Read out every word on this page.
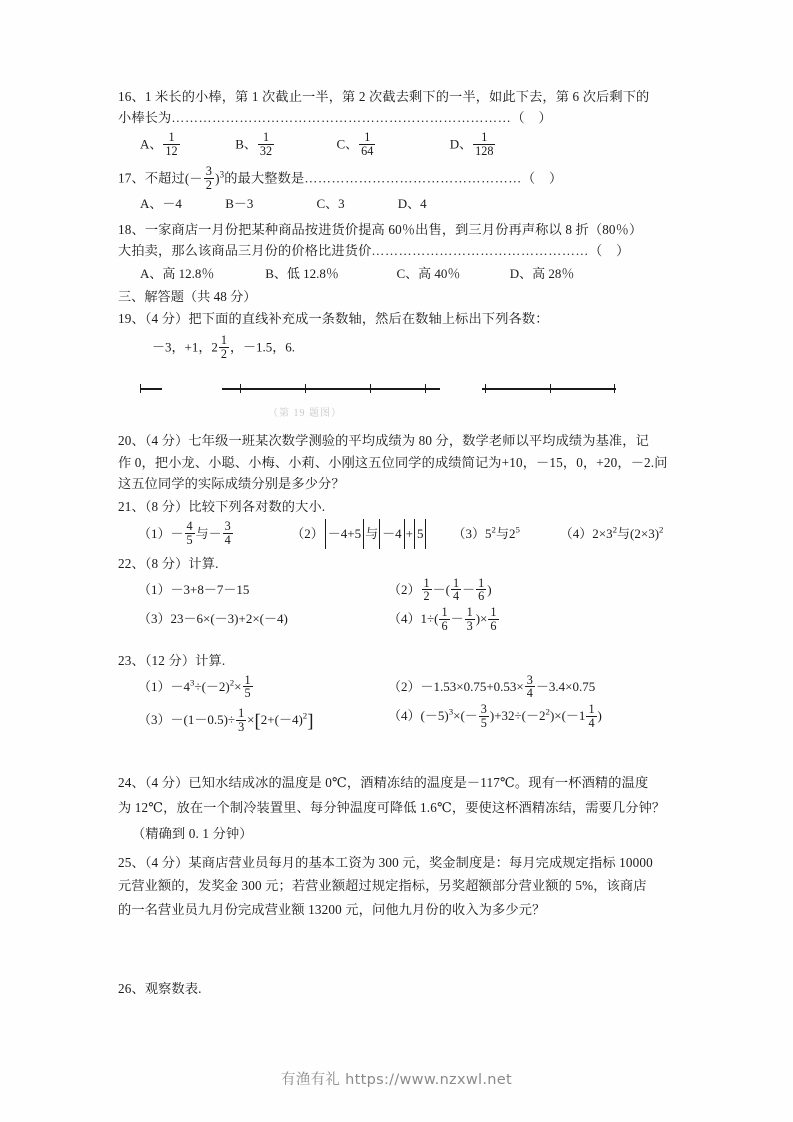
16、1 米长的小棒，第 1 次截止一半，第 2 次截去剩下的一半，如此下去，第 6 次后剩下的
小棒长为…………………………………………………………………（    ）
A、 $\frac{1}{12}$	B、 $\frac{1}{32}$	C、 $\frac{1}{64}$	D、 $\frac{1}{128}$
17、不超过(－ $\frac{3}{2} )^3$的最大整数是…………………………………………（    ）
A、－4	B－3	C、3	D、4
18、一家商店一月份把某种商品按进货价提高 60％出售，到三月份再声称以 8 折（80％）
大拍卖，那么该商品三月份的价格比进货价…………………………………………（    ）
A、高 12.8％	B、低 12.8％	C、高 40％	D、高 28％
三、解答题（共 48 分）
19、（4 分）把下面的直线补充成一条数轴，然后在数轴上标出下列各数：
－3，+1，$2 \frac{1}{2}$ ，－1.5，6.
（第 19 题图）
20、（4 分）七年级一班某次数学测验的平均成绩为 80 分，数学老师以平均成绩为基准，记
作 0，把小龙、小聪、小梅、小莉、小刚这五位同学的成绩简记为+10，－15，0，+20，－2.问
这五位同学的实际成绩分别是多少分？
21、（8 分）比较下列各对数的大小.
$(1)- \frac{4}{5}$ 与－ $\frac{3}{4}$	（2） －4+5 与 －4 + 5 $(3)5^2$与$2^5$	$(4)2\times 3^2$与$(2\times 3)^2$
22、（8 分）计算.
（1）－3+8－7－15	$(2) \frac{1}{2}$ －( $\frac{1}{4} - \frac{1}{6}$ )
（3）23－6×(－3)+2×(－4)	$(4)1\div( \frac{1}{6} - \frac{1}{3}$ )× $\frac{1}{6}$
23、（12 分）计算.
$(1)-4^3\div(-2)^2\times \frac{1}{5}$	$(2)-1.53\times 0.75+0.53\times \frac{3}{4} -3.4\times 0.75$
$(3)-(1-0.5)\div \frac{1}{3} \times[2+(-4)^2]$	$(4)(-5)^3\times(- \frac{3}{5} )+32\div(-2^2)\times(-1 \frac{1}{4}$ )
24、（4 分）已知水结成冰的温度是 0℃，酒精冻结的温度是－117℃。现有一杯酒精的温度
为 12℃，放在一个制冷装置里、每分钟温度可降低 1.6℃，要使这杯酒精冻结，需要几分钟？
（精确到 0. 1 分钟）
25、（4 分）某商店营业员每月的基本工资为 300 元，奖金制度是：每月完成规定指标 10000
元营业额的，发奖金 300 元；若营业额超过规定指标，另奖超额部分营业额的 5%，该商店
的一名营业员九月份完成营业额 13200 元，问他九月份的收入为多少元？
26、观察数表.
有渔有礼 https://www.nzxwl.net
